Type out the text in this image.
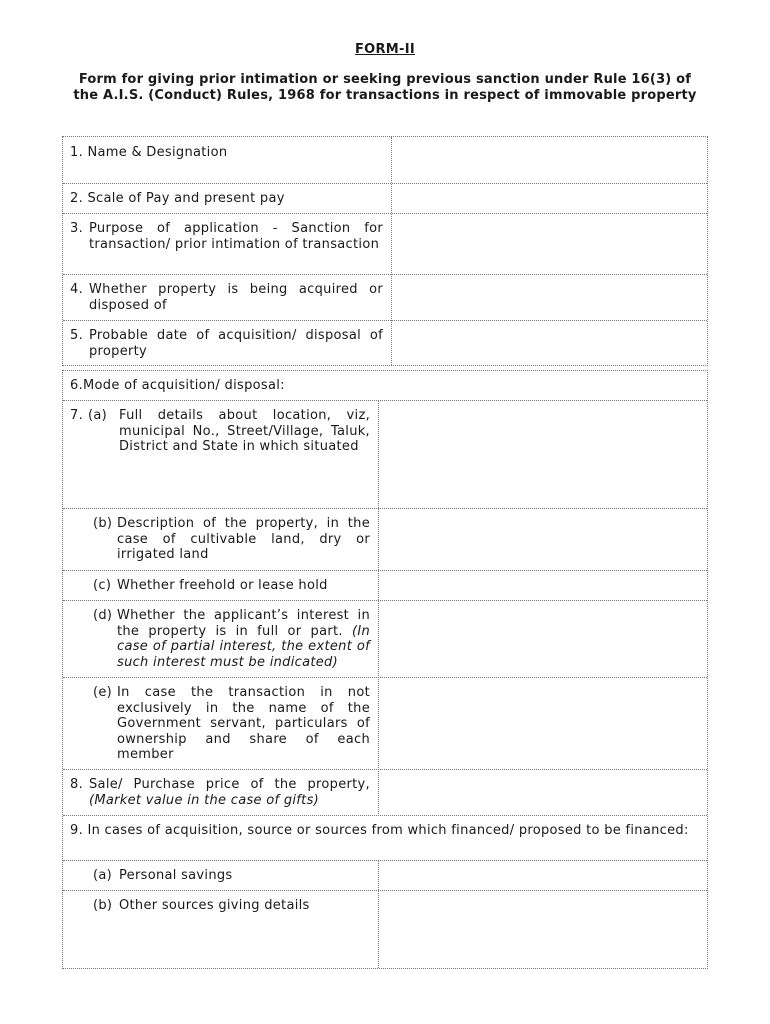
FORM-II
Form for giving prior intimation or seeking previous sanction under Rule 16(3) of the A.I.S. (Conduct) Rules, 1968 for transactions in respect of immovable property
1. Name & Designation
2. Scale of Pay and present pay
3. Purpose of application - Sanction for transaction/ prior intimation of transaction
4. Whether property is being acquired or disposed of
5. Probable date of acquisition/ disposal of property
6.Mode of acquisition/ disposal:
7. (a) Full details about location, viz, municipal No., Street/Village, Taluk, District and State in which situated
(b) Description of the property, in the case of cultivable land, dry or irrigated land
(c) Whether freehold or lease hold
(d) Whether the applicant’s interest in the property is in full or part. (In case of partial interest, the extent of such interest must be indicated)
(e) In case the transaction in not exclusively in the name of the Government servant, particulars of ownership and share of each member
8. Sale/ Purchase price of the property, (Market value in the case of gifts)
9. In cases of acquisition, source or sources from which financed/ proposed to be financed:
(a) Personal savings
(b) Other sources giving details
